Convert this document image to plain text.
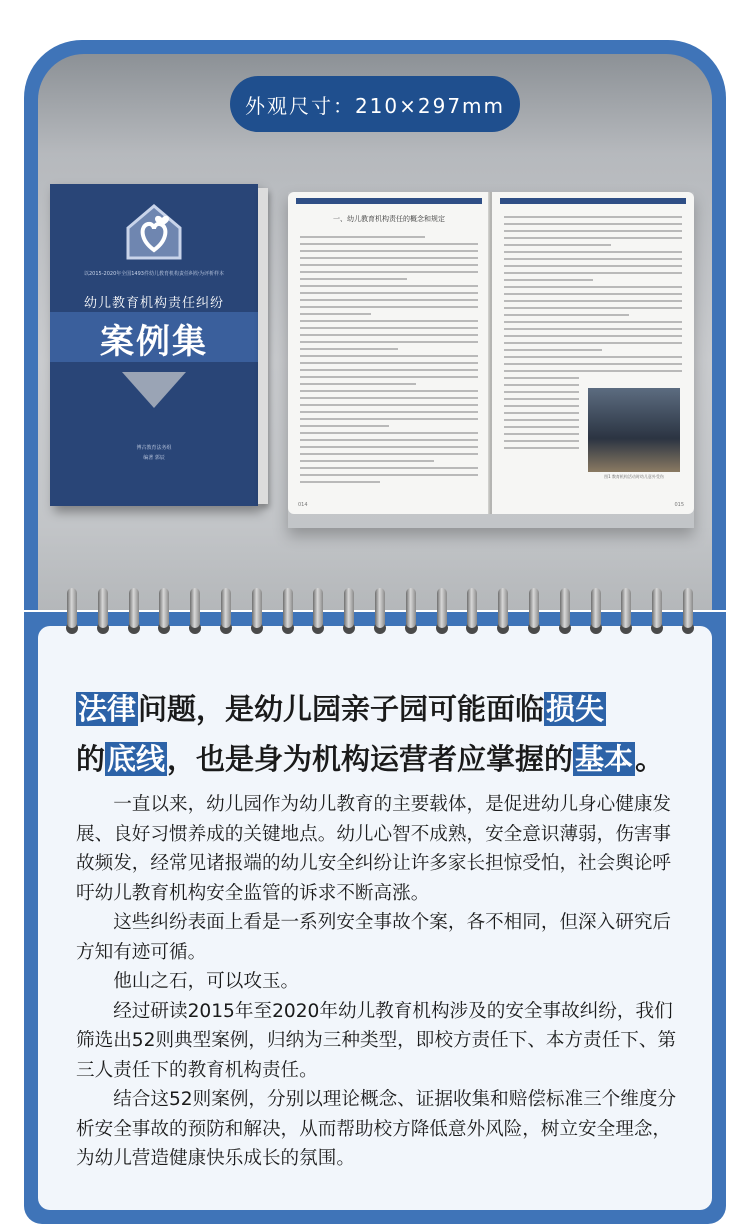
以2015-2020年全国1493件幼儿教育机构责任纠纷为评析样本
幼儿教育机构责任纠纷
案例集
博古教育法务组
编著 郭辰
一、幼儿教育机构责任的概念和规定
014
图1 教育机构活动时幼儿意外受伤
015
外观尺寸：210×297mm
法律问题，是幼儿园亲子园可能面临损失
的底线，也是身为机构运营者应掌握的基本。

一直以来，幼儿园作为幼儿教育的主要载体，是促进幼儿身心健康发展、良好习惯养成的关键地点。幼儿心智不成熟，安全意识薄弱，伤害事故频发，经常见诸报端的幼儿安全纠纷让许多家长担惊受怕，社会舆论呼吁幼儿教育机构安全监管的诉求不断高涨。

这些纠纷表面上看是一系列安全事故个案，各不相同，但深入研究后方知有迹可循。

他山之石，可以攻玉。

经过研读2015年至2020年幼儿教育机构涉及的安全事故纠纷，我们筛选出52则典型案例，归纳为三种类型，即校方责任下、本方责任下、第三人责任下的教育机构责任。

结合这52则案例，分别以理论概念、证据收集和赔偿标准三个维度分析安全事故的预防和解决，从而帮助校方降低意外风险，树立安全理念，为幼儿营造健康快乐成长的氛围。
